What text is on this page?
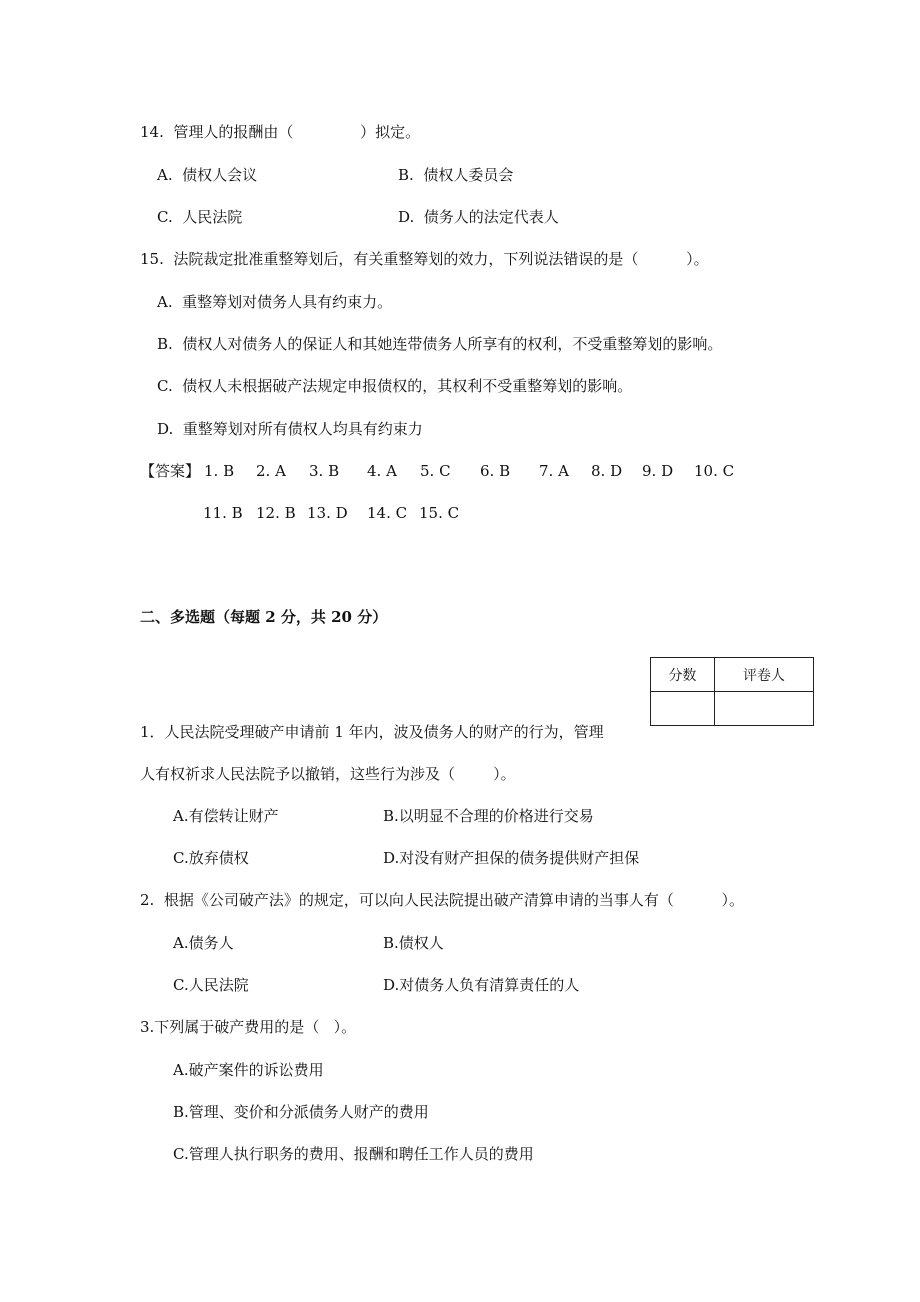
14.  管理人的报酬由（              ）拟定。
A.  债权人会议	B.  债权人委员会
C.  人民法院	D.  债务人的法定代表人
15.  法院裁定批准重整筹划后，有关重整筹划的效力，下列说法错误的是（          ）。
A.  重整筹划对债务人具有约束力。
B.  债权人对债务人的保证人和其她连带债务人所享有的权利，不受重整筹划的影响。
C.  债权人未根据破产法规定申报债权的，其权利不受重整筹划的影响。
D.  重整筹划对所有债权人均具有约束力
【答案】 1. B 2. A 3. B 4. A 5. C 6. B 7. A 8. D 9. D 10. C
11. B 12. B 13. D 14. C 15. C
二、多选题（每题 2 分，共 20 分）
分数	评卷人

1．人民法院受理破产申请前 1 年内，波及债务人的财产的行为，管理
人有权祈求人民法院予以撤销，这些行为涉及（        ）。
A.有偿转让财产	B.以明显不合理的价格进行交易
C.放弃债权	D.对没有财产担保的债务提供财产担保
2.  根据《公司破产法》的规定，可以向人民法院提出破产清算申请的当事人有（          ）。
A.债务人	B.债权人
C.人民法院	D.对债务人负有清算责任的人
3.下列属于破产费用的是（   ）。
A.破产案件的诉讼费用
B.管理、变价和分派债务人财产的费用
C.管理人执行职务的费用、报酬和聘任工作人员的费用
